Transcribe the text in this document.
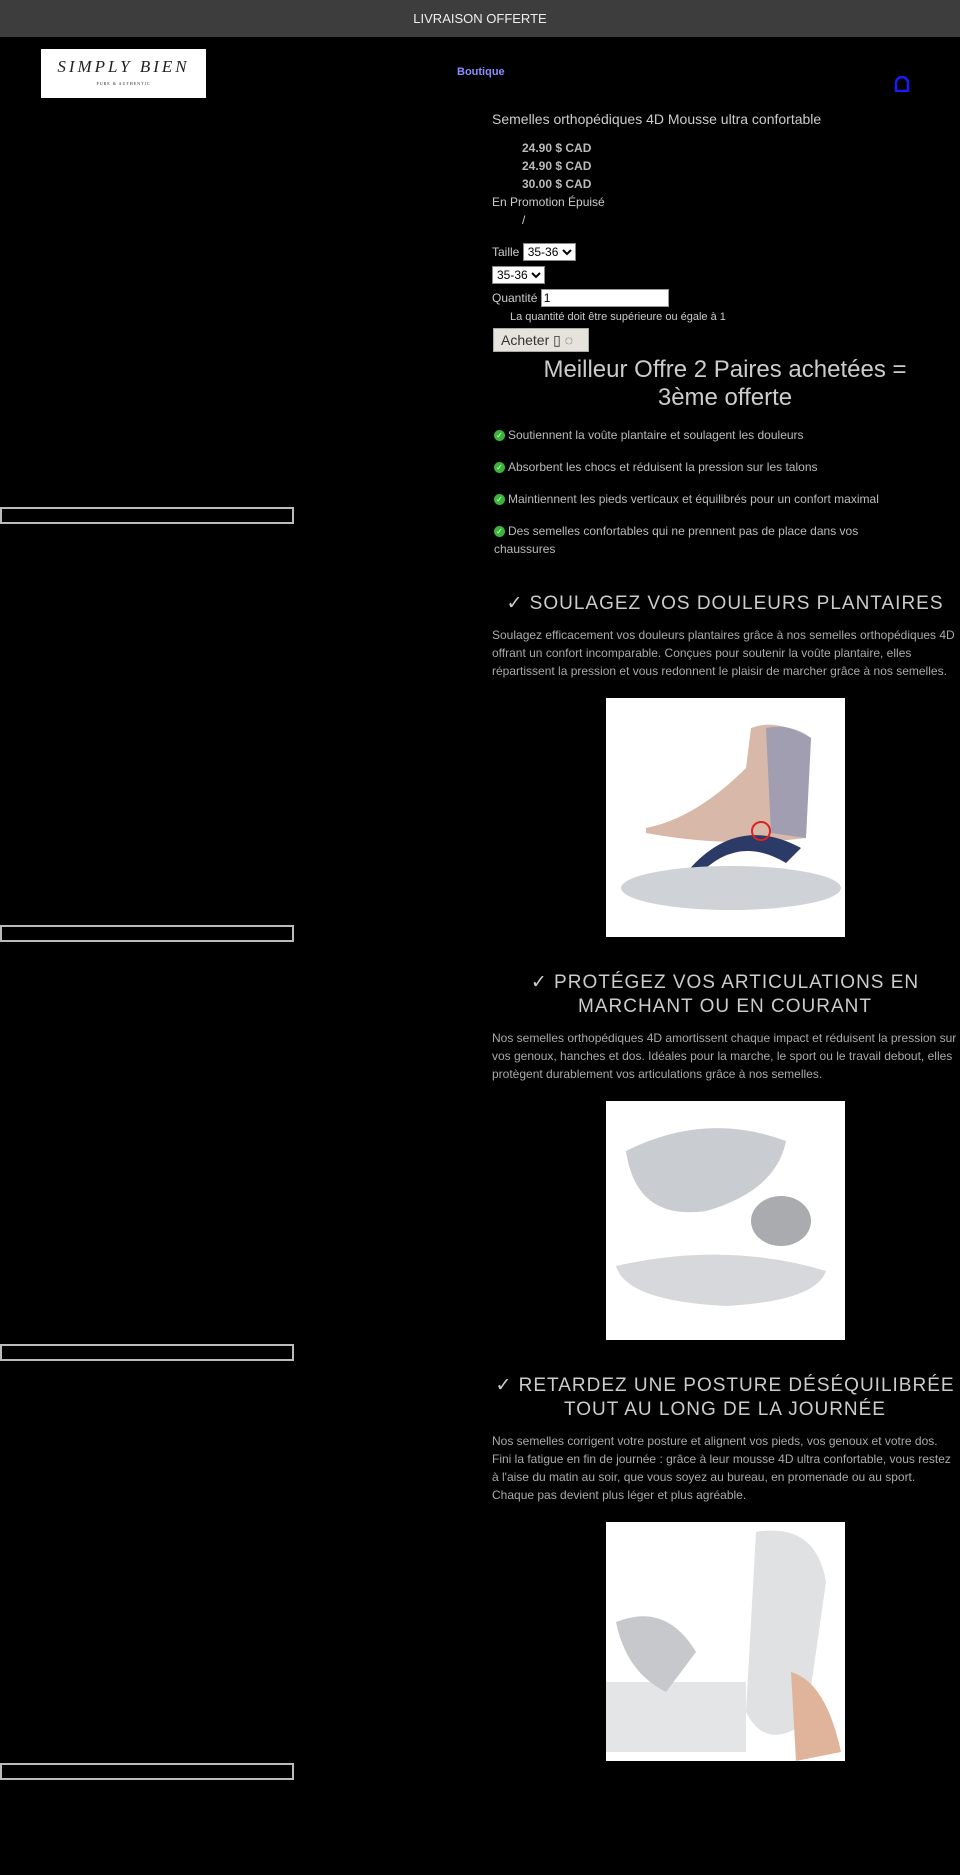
LIVRAISON OFFERTE
SIMPLY BIEN
PURE & AUTHENTIC
Boutique
Semelles orthopédiques 4D Mousse ultra confortable
24.90 $ CAD
24.90 $ CAD
30.00 $ CAD
En Promotion Épuisé
/
Taille
35-36
35-36
Quantité 1
La quantité doit être supérieure ou égale à 1
Acheter ▯ ◌
Meilleur Offre 2 Paires achetées =
3ème offerte
✓ Soutiennent la voûte plantaire et soulagent les douleurs
✓ Absorbent les chocs et réduisent la pression sur les talons
✓ Maintiennent les pieds verticaux et équilibrés pour un confort maximal
✓ Des semelles confortables qui ne prennent pas de place dans vos chaussures
✓ SOULAGEZ VOS DOULEURS PLANTAIRES
Soulagez efficacement vos douleurs plantaires grâce à nos semelles orthopédiques 4D offrant un confort incomparable. Conçues pour soutenir la voûte plantaire, elles répartissent la pression et vous redonnent le plaisir de marcher grâce à nos semelles.
✓ PROTÉGEZ VOS ARTICULATIONS EN MARCHANT OU EN COURANT
Nos semelles orthopédiques 4D amortissent chaque impact et réduisent la pression sur vos genoux, hanches et dos. Idéales pour la marche, le sport ou le travail debout, elles protègent durablement vos articulations grâce à nos semelles.
✓ RETARDEZ UNE POSTURE DÉSÉQUILIBRÉE TOUT AU LONG DE LA JOURNÉE
Nos semelles corrigent votre posture et alignent vos pieds, vos genoux et votre dos. Fini la fatigue en fin de journée : grâce à leur mousse 4D ultra confortable, vous restez à l'aise du matin au soir, que vous soyez au bureau, en promenade ou au sport. Chaque pas devient plus léger et plus agréable.
